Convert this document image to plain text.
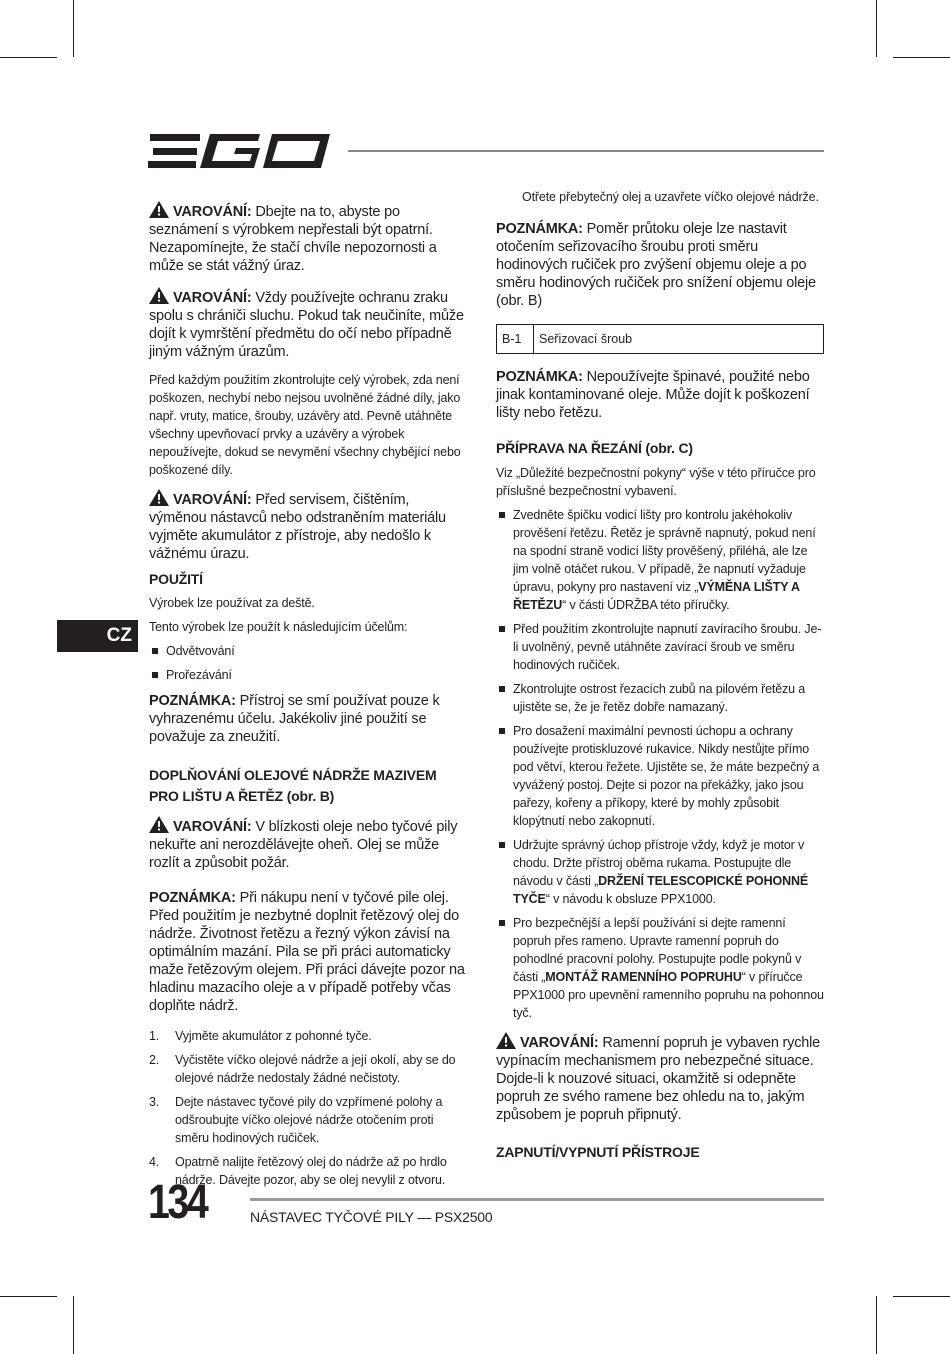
VAROVÁNÍ: Dbejte na to, abyste po seznámení s výrobkem nepřestali být opatrní. Nezapomínejte, že stačí chvíle nepozornosti a může se stát vážný úraz.

VAROVÁNÍ: Vždy používejte ochranu zraku spolu s chrániči sluchu. Pokud tak neučiníte, může dojít k vymrštění předmětu do očí nebo případně jiným vážným úrazům.

Před každým použitím zkontrolujte celý výrobek, zda není poškozen, nechybí nebo nejsou uvolněné žádné díly, jako např. vruty, matice, šrouby, uzávěry atd. Pevně utáhněte všechny upevňovací prvky a uzávěry a výrobek nepoužívejte, dokud se nevymění všechny chybějící nebo poškozené díly.

VAROVÁNÍ: Před servisem, čištěním, výměnou nástavců nebo odstraněním materiálu vyjměte akumulátor z přístroje, aby nedošlo k vážnému úrazu.

POUŽITÍ

Výrobek lze používat za deště.

Tento výrobek lze použít k následujícím účelům:

Odvětvování
Prořezávání

POZNÁMKA: Přístroj se smí používat pouze k vyhrazenému účelu. Jakékoliv jiné použití se považuje za zneužití.

DOPLŇOVÁNÍ OLEJOVÉ NÁDRŽE MAZIVEM PRO LIŠTU A ŘETĚZ (obr. B)

VAROVÁNÍ: V blízkosti oleje nebo tyčové pily nekuřte ani nerozdělávejte oheň. Olej se může rozlít a způsobit požár.

POZNÁMKA: Při nákupu není v tyčové pile olej. Před použitím je nezbytné doplnit řetězový olej do nádrže. Životnost řetězu a řezný výkon závisí na optimálním mazání. Pila se při práci automaticky maže řetězovým olejem. Při práci dávejte pozor na hladinu mazacího oleje a v případě potřeby včas doplňte nádrž.

1.	Vyjměte akumulátor z pohonné tyče.
2.	Vyčistěte víčko olejové nádrže a její okolí, aby se do olejové nádrže nedostaly žádné nečistoty.
3.	Dejte nástavec tyčové pily do vzpřímené polohy a odšroubujte víčko olejové nádrže otočením proti směru hodinových ručiček.
4.	Opatrně nalijte řetězový olej do nádrže až po hrdlo nádrže. Dávejte pozor, aby se olej nevylil z otvoru.

Otřete přebytečný olej a uzavřete víčko olejové nádrže.

POZNÁMKA: Poměr průtoku oleje lze nastavit otočením seřizovacího šroubu proti směru hodinových ručiček pro zvýšení objemu oleje a po směru hodinových ručiček pro snížení objemu oleje (obr. B)

B-1	Seřizovací šroub

POZNÁMKA: Nepoužívejte špinavé, použité nebo jinak kontaminované oleje. Může dojít k poškození lišty nebo řetězu.

PŘÍPRAVA NA ŘEZÁNÍ (obr. C)

Viz „Důležité bezpečnostní pokyny“ výše v této příručce pro příslušné bezpečnostní vybavení.

Zvedněte špičku vodicí lišty pro kontrolu jakéhokoliv prověšení řetězu. Řetěz je správně napnutý, pokud není na spodní straně vodicí lišty prověšený, přiléhá, ale lze jim volně otáčet rukou. V případě, že napnutí vyžaduje úpravu, pokyny pro nastavení viz „VÝMĚNA LIŠTY A ŘETĚZU“ v části ÚDRŽBA této příručky.
Před použitím zkontrolujte napnutí zavíracího šroubu. Je-li uvolněný, pevně utáhněte zavírací šroub ve směru hodinových ručiček.
Zkontrolujte ostrost řezacích zubů na pilovém řetězu a ujistěte se, že je řetěz dobře namazaný.
Pro dosažení maximální pevnosti úchopu a ochrany používejte protiskluzové rukavice. Nikdy nestůjte přímo pod větví, kterou řežete. Ujistěte se, že máte bezpečný a vyvážený postoj. Dejte si pozor na překážky, jako jsou pařezy, kořeny a příkopy, které by mohly způsobit klopýtnutí nebo zakopnutí.
Udržujte správný úchop přístroje vždy, když je motor v chodu. Držte přístroj oběma rukama. Postupujte dle návodu v části „DRŽENÍ TELESCOPICKÉ POHONNÉ TYČE“ v návodu k obsluze PPX1000.
Pro bezpečnější a lepší používání si dejte ramenní popruh přes rameno. Upravte ramenní popruh do pohodlné pracovní polohy. Postupujte podle pokynů v části „MONTÁŽ RAMENNÍHO POPRUHU“ v příručce PPX1000 pro upevnění ramenního popruhu na pohonnou tyč.

VAROVÁNÍ: Ramenní popruh je vybaven rychle vypínacím mechanismem pro nebezpečné situace. Dojde-li k nouzové situaci, okamžitě si odepněte popruh ze svého ramene bez ohledu na to, jakým způsobem je popruh připnutý.

ZAPNUTÍ/VYPNUTÍ PŘÍSTROJE
CZ
134	NÁSTAVEC TYČOVÉ PILY — PSX2500
